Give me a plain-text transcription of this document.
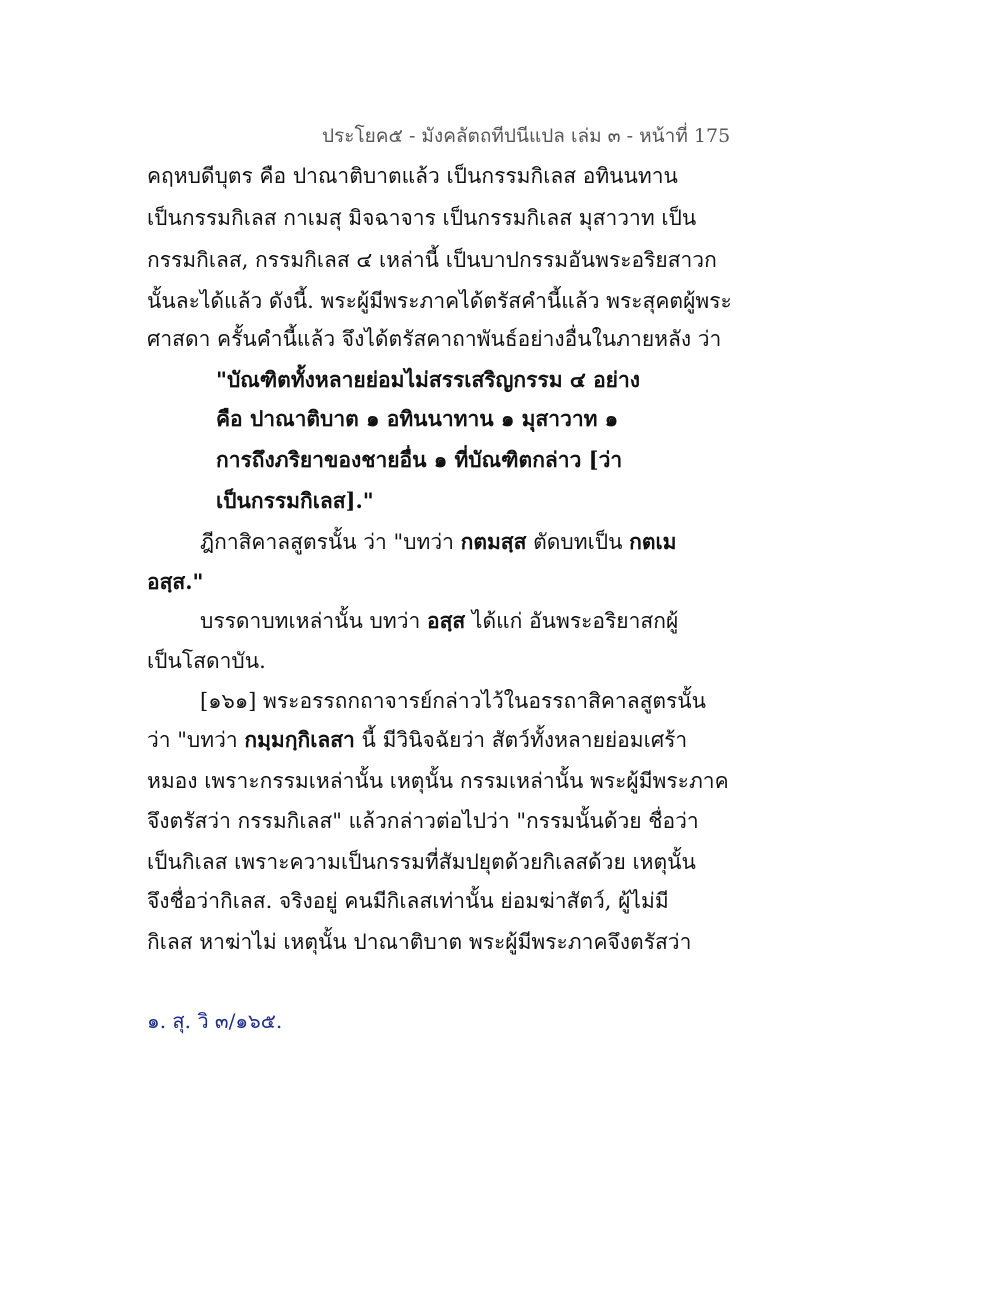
ประโยค๕ - มังคลัตถทีปนีแปล เล่ม ๓ - หน้าที่ 175
คฤหบดีบุตร คือ ปาณาติบาตแล้ว เป็นกรรมกิเลส อทินนทาน
เป็นกรรมกิเลส กาเมสุ มิจฉาจาร เป็นกรรมกิเลส มุสาวาท เป็น
กรรมกิเลส, กรรมกิเลส ๔ เหล่านี้ เป็นบาปกรรมอันพระอริยสาวก
นั้นละได้แล้ว ดังนี้. พระผู้มีพระภาคได้ตรัสคำนี้แล้ว พระสุคตผู้พระ
ศาสดา ครั้นคำนี้แล้ว จึงได้ตรัสคาถาพันธ์อย่างอื่นในภายหลัง ว่า
"บัณฑิตทั้งหลายย่อมไม่สรรเสริญกรรม ๔ อย่าง
คือ ปาณาติบาต ๑ อทินนาทาน ๑ มุสาวาท ๑
การถึงภริยาของชายอื่น ๑ ที่บัณฑิตกล่าว [ว่า
เป็นกรรมกิเลส]."
ฎีกาสิคาลสูตรนั้น ว่า "บทว่า กตมสฺส ตัดบทเป็น กตเม
อสฺส."
บรรดาบทเหล่านั้น บทว่า อสฺส ได้แก่ อันพระอริยาสกผู้
เป็นโสดาบัน.
[๑๖๑] พระอรรถกถาจารย์กล่าวไว้ในอรรถาสิคาลสูตรนั้น
ว่า "บทว่า กมฺมกฺกิเลสา นี้ มีวินิจฉัยว่า สัตว์ทั้งหลายย่อมเศร้า
หมอง เพราะกรรมเหล่านั้น เหตุนั้น กรรมเหล่านั้น พระผู้มีพระภาค
จึงตรัสว่า กรรมกิเลส" แล้วกล่าวต่อไปว่า "กรรมนั้นด้วย ชื่อว่า
เป็นกิเลส เพราะความเป็นกรรมที่สัมปยุตด้วยกิเลสด้วย เหตุนั้น
จึงชื่อว่ากิเลส. จริงอยู่ คนมีกิเลสเท่านั้น ย่อมฆ่าสัตว์, ผู้ไม่มี
กิเลส หาฆ่าไม่ เหตุนั้น ปาณาติบาต พระผู้มีพระภาคจึงตรัสว่า
๑. สุ. วิ ๓/๑๖๕.
